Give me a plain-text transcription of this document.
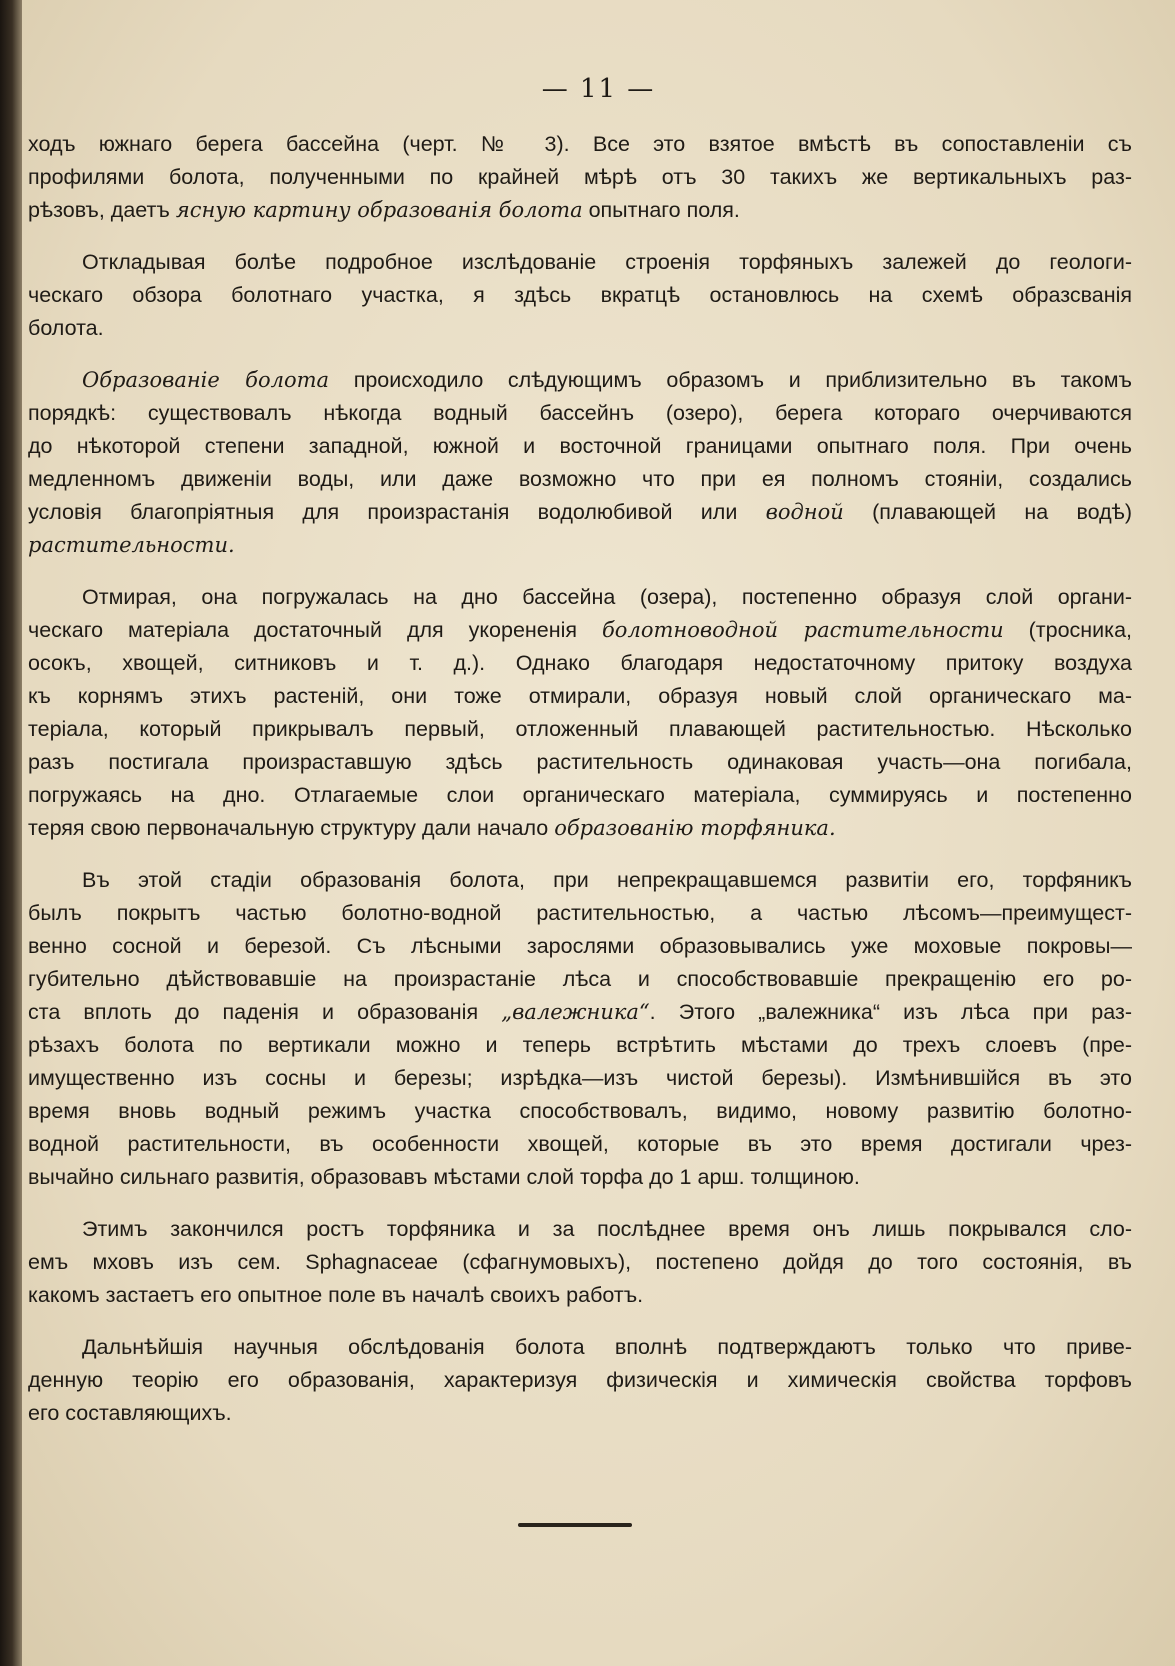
— 11 —
ходъ южнаго берега бассейна (черт. № 3). Все это взятое вмѣстѣ въ сопоставленіи съ
профилями болота, полученными по крайней мѣрѣ отъ 30 такихъ же вертикальныхъ раз-
рѣзовъ, даетъ ясную картину образованія болота опытнаго поля.
Откладывая болѣе подробное изслѣдованіе строенія торфяныхъ залежей до геологи-
ческаго обзора болотнаго участка, я здѣсь вкратцѣ остановлюсь на схемѣ образсванія
болота.
Образованіе болота происходило слѣдующимъ образомъ и приблизительно въ такомъ
порядкѣ: существовалъ нѣкогда водный бассейнъ (озеро), берега котораго очерчиваются
до нѣкоторой степени западной, южной и восточной границами опытнаго поля. При очень
медленномъ движеніи воды, или даже возможно что при ея полномъ стояніи, создались
условія благопріятныя для произрастанія водолюбивой или водной (плавающей на водѣ)
растительности.
Отмирая, она погружалась на дно бассейна (озера), постепенно образуя слой органи-
ческаго матеріала достаточный для укорененія болотноводной растительности (тросника,
осокъ, хвощей, ситниковъ и т. д.). Однако благодаря недостаточному притоку воздуха
къ корнямъ этихъ растеній, они тоже отмирали, образуя новый слой органическаго ма-
теріала, который прикрывалъ первый, отложенный плавающей растительностью. Нѣсколько
разъ постигала произраставшую здѣсь растительность одинаковая участь—она погибала,
погружаясь на дно. Отлагаемые слои органическаго матеріала, суммируясь и постепенно
теряя свою первоначальную структуру дали начало образованію торфяника.
Въ этой стадіи образованія болота, при непрекращавшемся развитіи его, торфяникъ
былъ покрытъ частью болотно-водной растительностью, а частью лѣсомъ—преимущест-
венно сосной и березой. Съ лѣсными зарослями образовывались уже моховые покровы—
губительно дѣйствовавшіе на произрастаніе лѣса и способствовавшіе прекращенію его ро-
ста вплоть до паденія и образованія „валежника“. Этого „валежника“ изъ лѣса при раз-
рѣзахъ болота по вертикали можно и теперь встрѣтить мѣстами до трехъ слоевъ (пре-
имущественно изъ сосны и березы; изрѣдка—изъ чистой березы). Измѣнившійся въ это
время вновь водный режимъ участка способствовалъ, видимо, новому развитію болотно-
водной растительности, въ особенности хвощей, которые въ это время достигали чрез-
вычайно сильнаго развитія, образовавъ мѣстами слой торфа до 1 арш. толщиною.
Этимъ закончился ростъ торфяника и за послѣднее время онъ лишь покрывался сло-
емъ мховъ изъ сем. Sphagnaceae (сфагнумовыхъ), постепено дойдя до того состоянія, въ
какомъ застаетъ его опытное поле въ началѣ своихъ работъ.
Дальнѣйшія научныя обслѣдованія болота вполнѣ подтверждаютъ только что приве-
денную теорію его образованія, характеризуя физическія и химическія свойства торфовъ
его составляющихъ.
